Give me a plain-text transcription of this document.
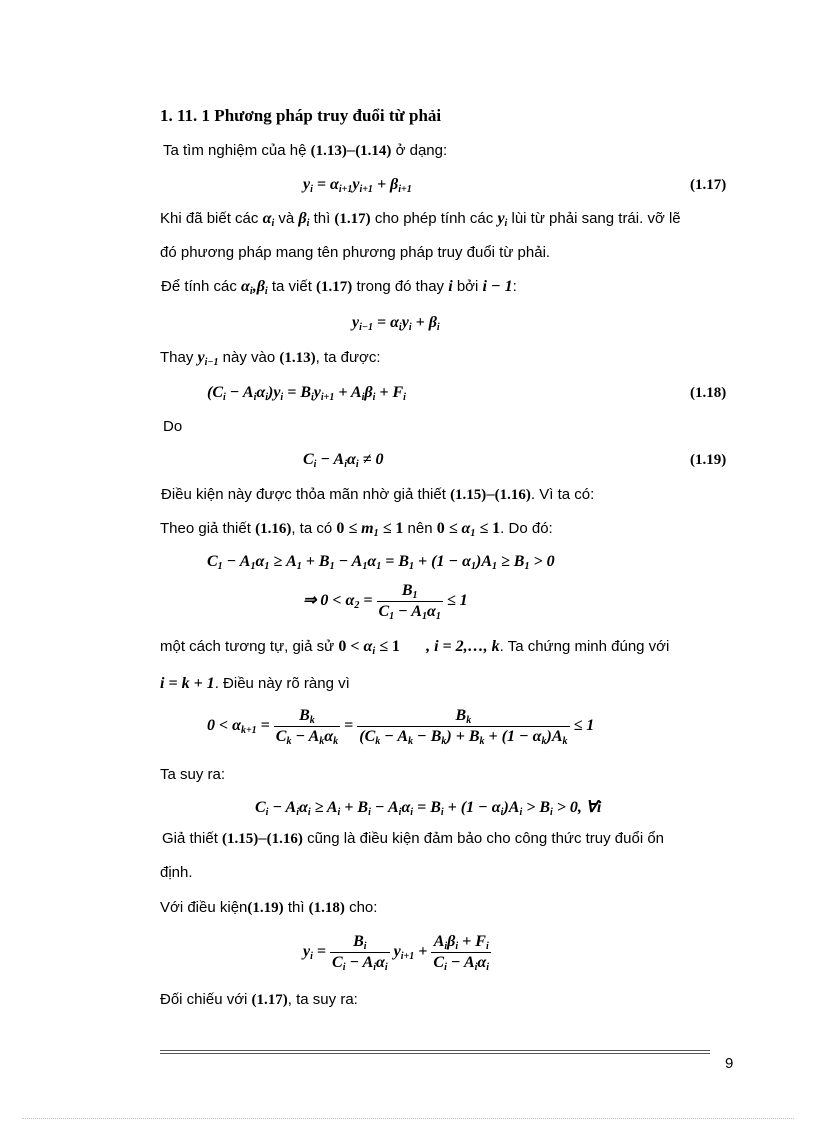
1. 11. 1 Phương pháp truy đuổi từ phải
Ta tìm nghiệm của hệ (1.13)–(1.14) ở dạng:
$y_i = \alpha_{i+1}y_{i+1} + \beta_{i+1}$	(1.17)
Khi đã biết các $\alpha_i$ và $\beta_i$ thì (1.17) cho phép tính các $y_i$ lùi từ phải sang trái. vỡ lẽ
đó phương pháp mang tên phương pháp truy đuổi từ phải.
Để tính các $\alpha_i,\beta_i$ ta viết (1.17) trong đó thay i bởi i − 1:
$y_{i-1} = \alpha_iy_i + \beta_i$
Thay $y_{i-1}$ này vào (1.13), ta được:
$(C_i - A_i\alpha_i)y_i = B_iy_{i+1} + A_i\beta_i + F_i$	(1.18)
Do
$C_i - A_i\alpha_i \ne 0$	(1.19)
Điều kiện này được thỏa mãn nhờ giả thiết (1.15)–(1.16). Vì ta có:
Theo giả thiết (1.16), ta có $0 \le m_1 \le 1$ nên $0 \le \alpha_1 \le 1$. Do đó:
$C_1 - A_1\alpha_1 \ge A_1 + B_1 - A_1\alpha_1 = B_1 + (1 - \alpha_1)A_1 \ge B_1 > 0$
⇒ $0 < \alpha_2 = \frac{B_1}{C_1 - A_1\alpha_1} \le 1$
một cách tương tự, giả sử $0 < \alpha_i \le 1$ , i = 2,…, k. Ta chứng minh đúng với
i = k + 1. Điều này rõ ràng vì
$0 < \alpha_{k+1}$ =
$B_k$
$C_k - A_k\alpha_k$
= $\frac{B_k}{(C_k - A_k - B_k) + B_k + (1 - \alpha_k)A_k} \le 1$
Ta suy ra:
$C_i - A_i\alpha_i \ge A_i + B_i - A_i\alpha_i = B_i + (1 - \alpha_i)A_i > B_i > 0$, ∀i
Giả thiết (1.15)–(1.16) cũng là điều kiện đảm bảo cho công thức truy đuổi ổn
định.
Với điều kiện(1.19) thì (1.18) cho:
$y_i$ =
$B_i$
$C_i - A_i\alpha_i$
$y_{i+1}$ +
$A_i\beta_i + F_i$
$C_i - A_i\alpha_i$
Đối chiếu với (1.17), ta suy ra:
9
